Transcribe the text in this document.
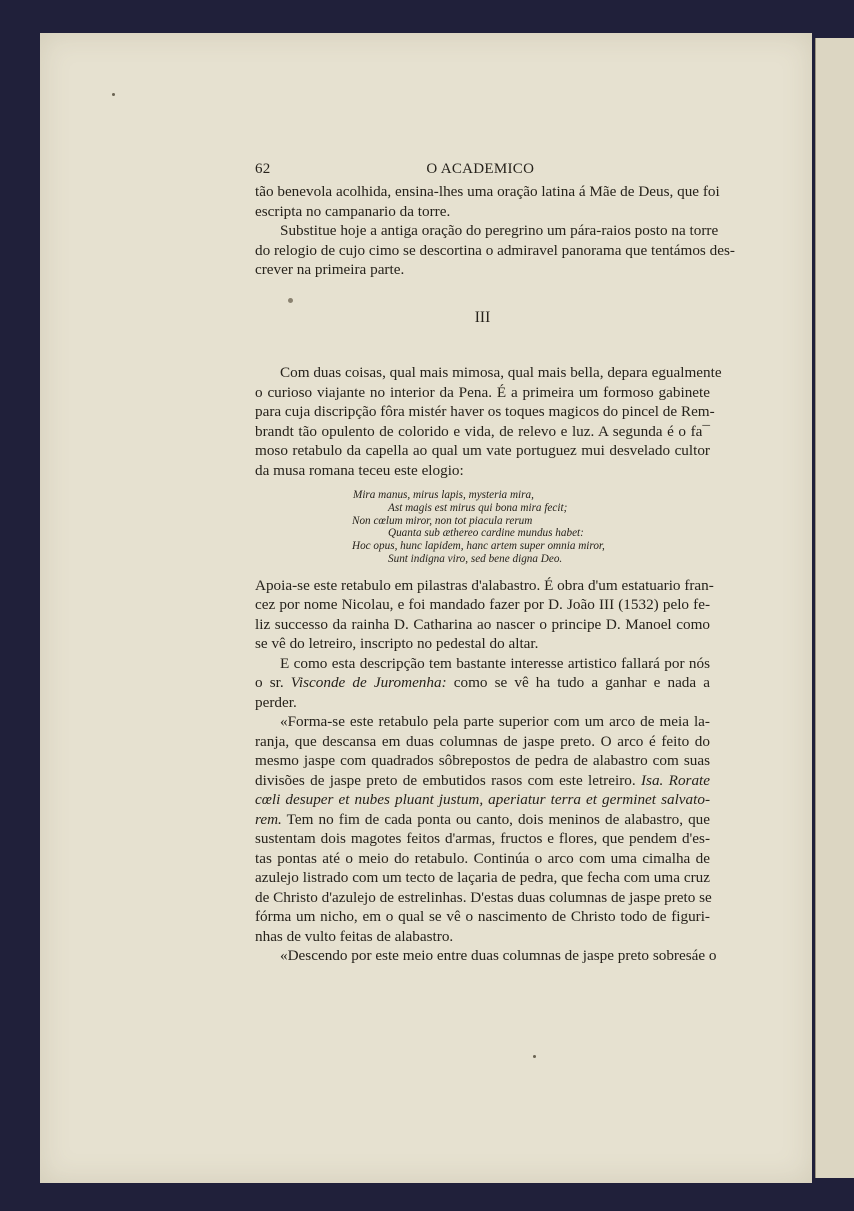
62	O ACADEMICO
tão benevola acolhida, ensina-lhes uma oração latina á Mãe de Deus, que foi
escripta no campanario da torre.
Substitue hoje a antiga oração do peregrino um pára-raios posto na torre
do relogio de cujo cimo se descortina o admiravel panorama que tentámos des-
crever na primeira parte.
III
Com duas coisas, qual mais mimosa, qual mais bella, depara egualmente
o curioso viajante no interior da Pena. É a primeira um formoso gabinete
para cuja discripção fôra mistér haver os toques magicos do pincel de Rem-
brandt tão opulento de colorido e vida, de relevo e luz. A segunda é o fa¯
moso retabulo da capella ao qual um vate portuguez mui desvelado cultor
da musa romana teceu este elogio:
Mira manus, mirus lapis, mysteria mira,
Ast magis est mirus qui bona mira fecit;
Non cœlum miror, non tot piacula rerum
Quanta sub æthereo cardine mundus habet:
Hoc opus, hunc lapidem, hanc artem super omnia miror,
Sunt indigna viro, sed bene digna Deo.
Apoia-se este retabulo em pilastras d'alabastro. É obra d'um estatuario fran-
cez por nome Nicolau, e foi mandado fazer por D. João III (1532) pelo fe-
liz successo da rainha D. Catharina ao nascer o principe D. Manoel como
se vê do letreiro, inscripto no pedestal do altar.
E como esta descripção tem bastante interesse artistico fallará por nós
o sr. Visconde de Juromenha: como se vê ha tudo a ganhar e nada a
perder.
«Forma-se este retabulo pela parte superior com um arco de meia la-
ranja, que descansa em duas columnas de jaspe preto. O arco é feito do
mesmo jaspe com quadrados sôbrepostos de pedra de alabastro com suas
divisões de jaspe preto de embutidos rasos com este letreiro. Isa. Rorate
cœli desuper et nubes pluant justum, aperiatur terra et germinet salvato-
rem. Tem no fim de cada ponta ou canto, dois meninos de alabastro, que
sustentam dois magotes feitos d'armas, fructos e flores, que pendem d'es-
tas pontas até o meio do retabulo. Continúa o arco com uma cimalha de
azulejo listrado com um tecto de laçaria de pedra, que fecha com uma cruz
de Christo d'azulejo de estrelinhas. D'estas duas columnas de jaspe preto se
fórma um nicho, em o qual se vê o nascimento de Christo todo de figuri-
nhas de vulto feitas de alabastro.
«Descendo por este meio entre duas columnas de jaspe preto sobresáe o
